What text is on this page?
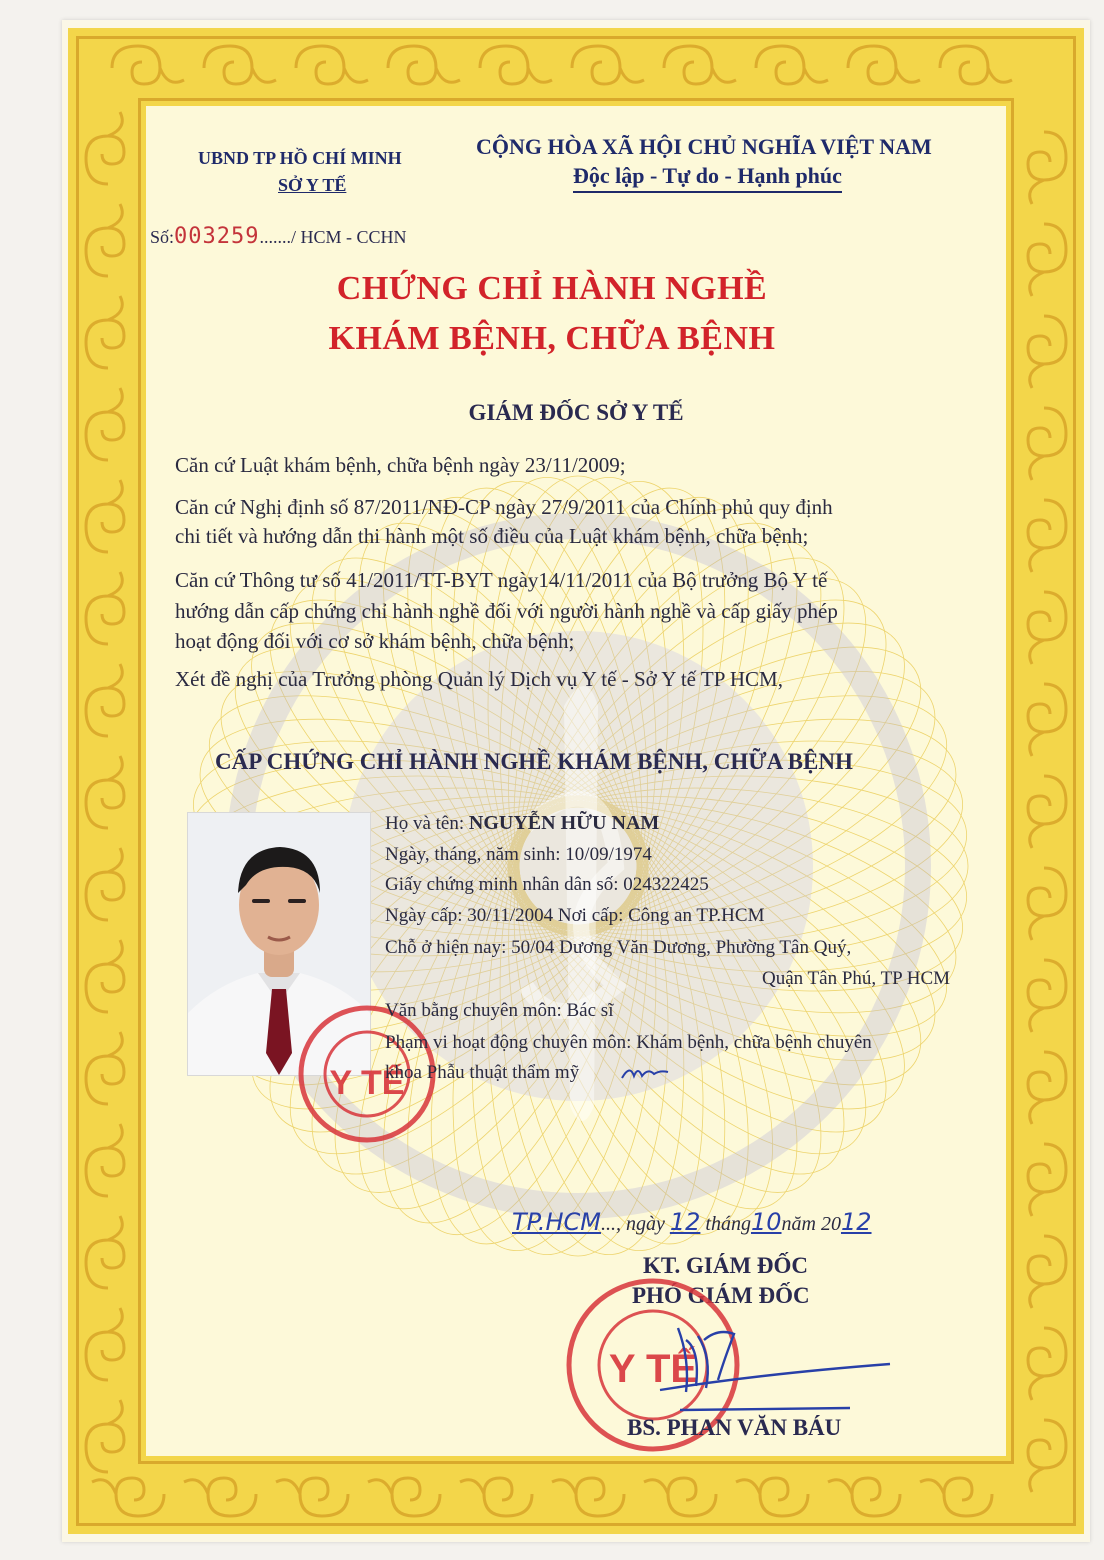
UBND TP HỒ CHÍ MINH
SỞ Y TẾ
CỘNG HÒA XÃ HỘI CHỦ NGHĨA VIỆT NAM
Độc lập - Tự do - Hạnh phúc
Số:003259......./ HCM - CCHN
CHỨNG CHỈ HÀNH NGHỀ
KHÁM BỆNH, CHỮA BỆNH
GIÁM ĐỐC SỞ Y TẾ
Căn cứ Luật khám bệnh, chữa bệnh ngày 23/11/2009;
Căn cứ Nghị định số 87/2011/NĐ-CP ngày 27/9/2011 của Chính phủ quy định
chi tiết và hướng dẫn thi hành một số điều của Luật khám bệnh, chữa bệnh;
Căn cứ Thông tư số 41/2011/TT-BYT ngày14/11/2011 của Bộ trưởng Bộ Y tế
hướng dẫn cấp chứng chỉ hành nghề đối với người hành nghề và cấp giấy phép
hoạt động đối với cơ sở khám bệnh, chữa bệnh;
Xét đề nghị của Trưởng phòng Quản lý Dịch vụ Y tế - Sở Y tế TP HCM,
CẤP CHỨNG CHỈ HÀNH NGHỀ KHÁM BỆNH, CHỮA BỆNH
Y TẾ
Họ và tên: NGUYỄN HỮU NAM
Ngày, tháng, năm sinh: 10/09/1974
Giấy chứng minh nhân dân số: 024322425
Ngày cấp: 30/11/2004 Nơi cấp: Công an TP.HCM
Chỗ ở hiện nay: 50/04 Dương Văn Dương, Phường Tân Quý,
Quận Tân Phú, TP HCM
Văn bằng chuyên môn: Bác sĩ
Phạm vi hoạt động chuyên môn: Khám bệnh, chữa bệnh chuyên
khoa Phẫu thuật thẩm mỹ
TP.HCM..., ngày 12 tháng10năm 2012
KT. GIÁM ĐỐC
PHÓ GIÁM ĐỐC
Y TẾ
BS. PHAN VĂN BÁU
